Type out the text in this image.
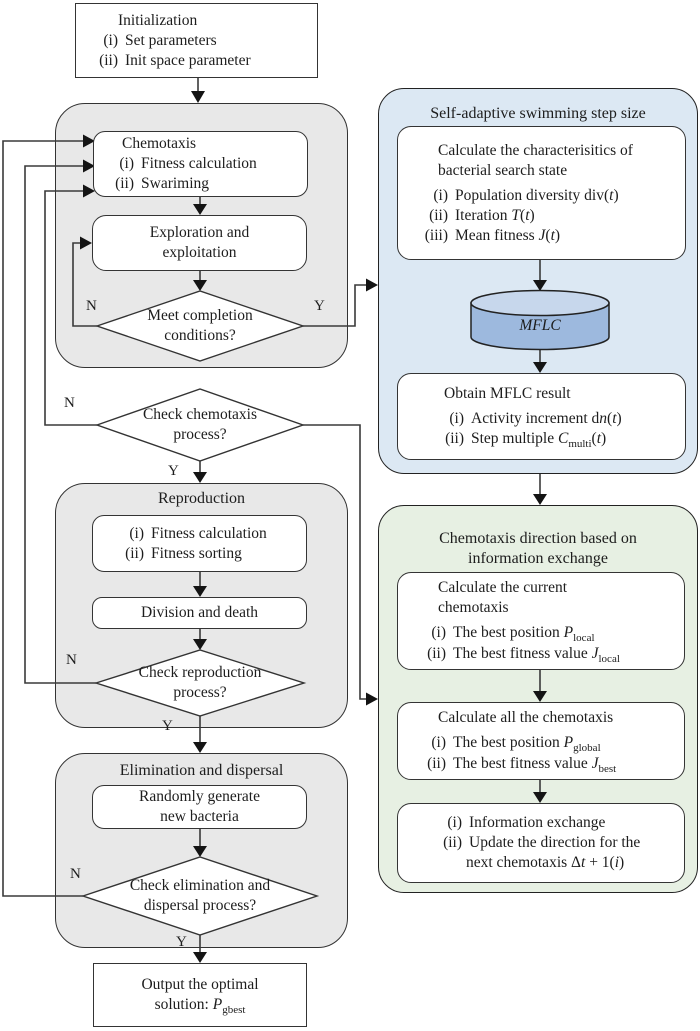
Initialization
(i) Set parameters
(ii) Init space parameter
Chemotaxis
(i) Fitness calculation
(ii) Swariming
Exploration and
exploitation
Meet completion
conditions?
N	Y
Check chemotaxis
process?
N
Y
Reproduction
(i) Fitness calculation
(ii) Fitness sorting
Division and death
Check reproduction
process?
N
Y
Elimination and dispersal
Randomly generate
new bacteria
Check elimination and
dispersal process?
N
Y
Output the optimal
solution: $P_{gbest}$
Self-adaptive swimming step size
Calculate the characterisitics of
bacterial search state
(i) Population diversity div(t)
(ii) Iteration T(t)
(iii) Mean fitness J(t)
MFLC
Obtain MFLC result
(i) Activity increment dn(t)
(ii) Step multiple $C_{multi}(t)$
Chemotaxis direction based on
information exchange
Calculate the current
chemotaxis
(i) The best position $P_{local}$
(ii) The best fitness value $J_{local}$
Calculate all the chemotaxis
(i) The best position $P_{global}$
(ii) The best fitness value $J_{best}$
(i) Information exchange
(ii) Update the direction for the
next chemotaxis Δt + 1(i)
